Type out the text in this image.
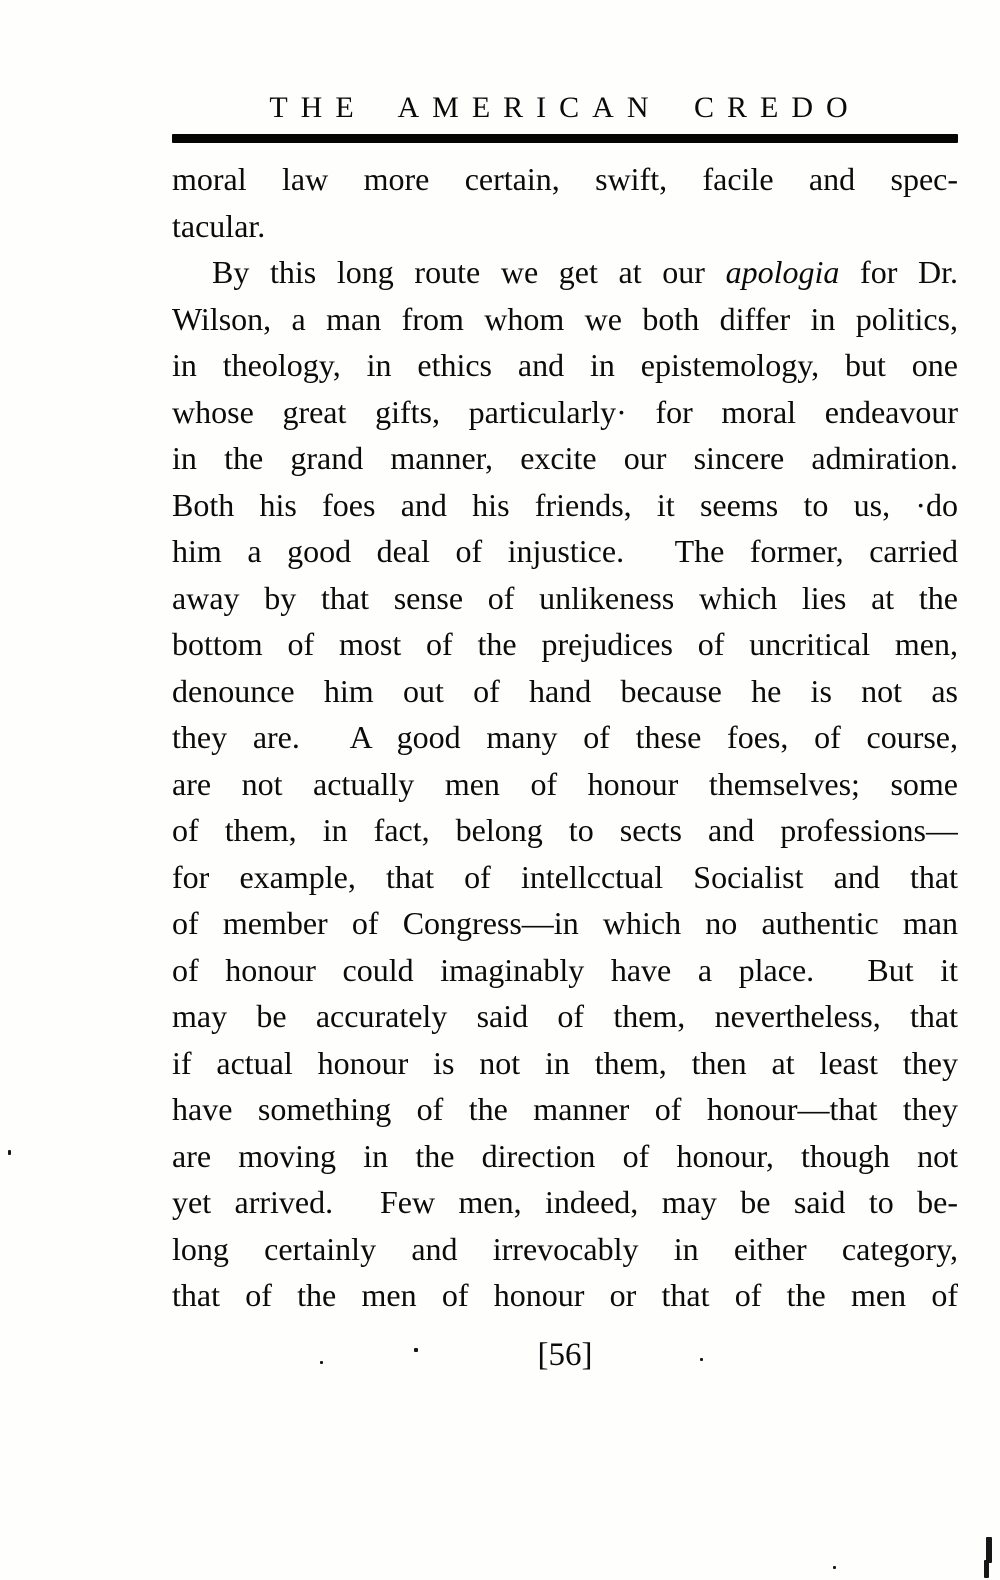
THE AMERICAN CREDO
moral law more certain, swift, facile and spec-
tacular.
By this long route we get at our apologia for Dr.
Wilson, a man from whom we both differ in politics,
in theology, in ethics and in epistemology, but one
whose great gifts, particularly· for moral endeavour
in the grand manner, excite our sincere admiration.
Both his foes and his friends, it seems to us, ·do
him a good deal of injustice.  The former, carried
away by that sense of unlikeness which lies at the
bottom of most of the prejudices of uncritical men,
denounce him out of hand because he is not as
they are.  A good many of these foes, of course,
are not actually men of honour themselves; some
of them, in fact, belong to sects and professions—
for example, that of intellcctual Socialist and that
of member of Congress—in which no authentic man
of honour could imaginably have a place.  But it
may be accurately said of them, nevertheless, that
if actual honour is not in them, then at least they
have something of the manner of honour—that they
are moving in the direction of honour, though not
yet arrived.  Few men, indeed, may be said to be-
long certainly and irrevocably in either category,
that of the men of honour or that of the men of
[56]
